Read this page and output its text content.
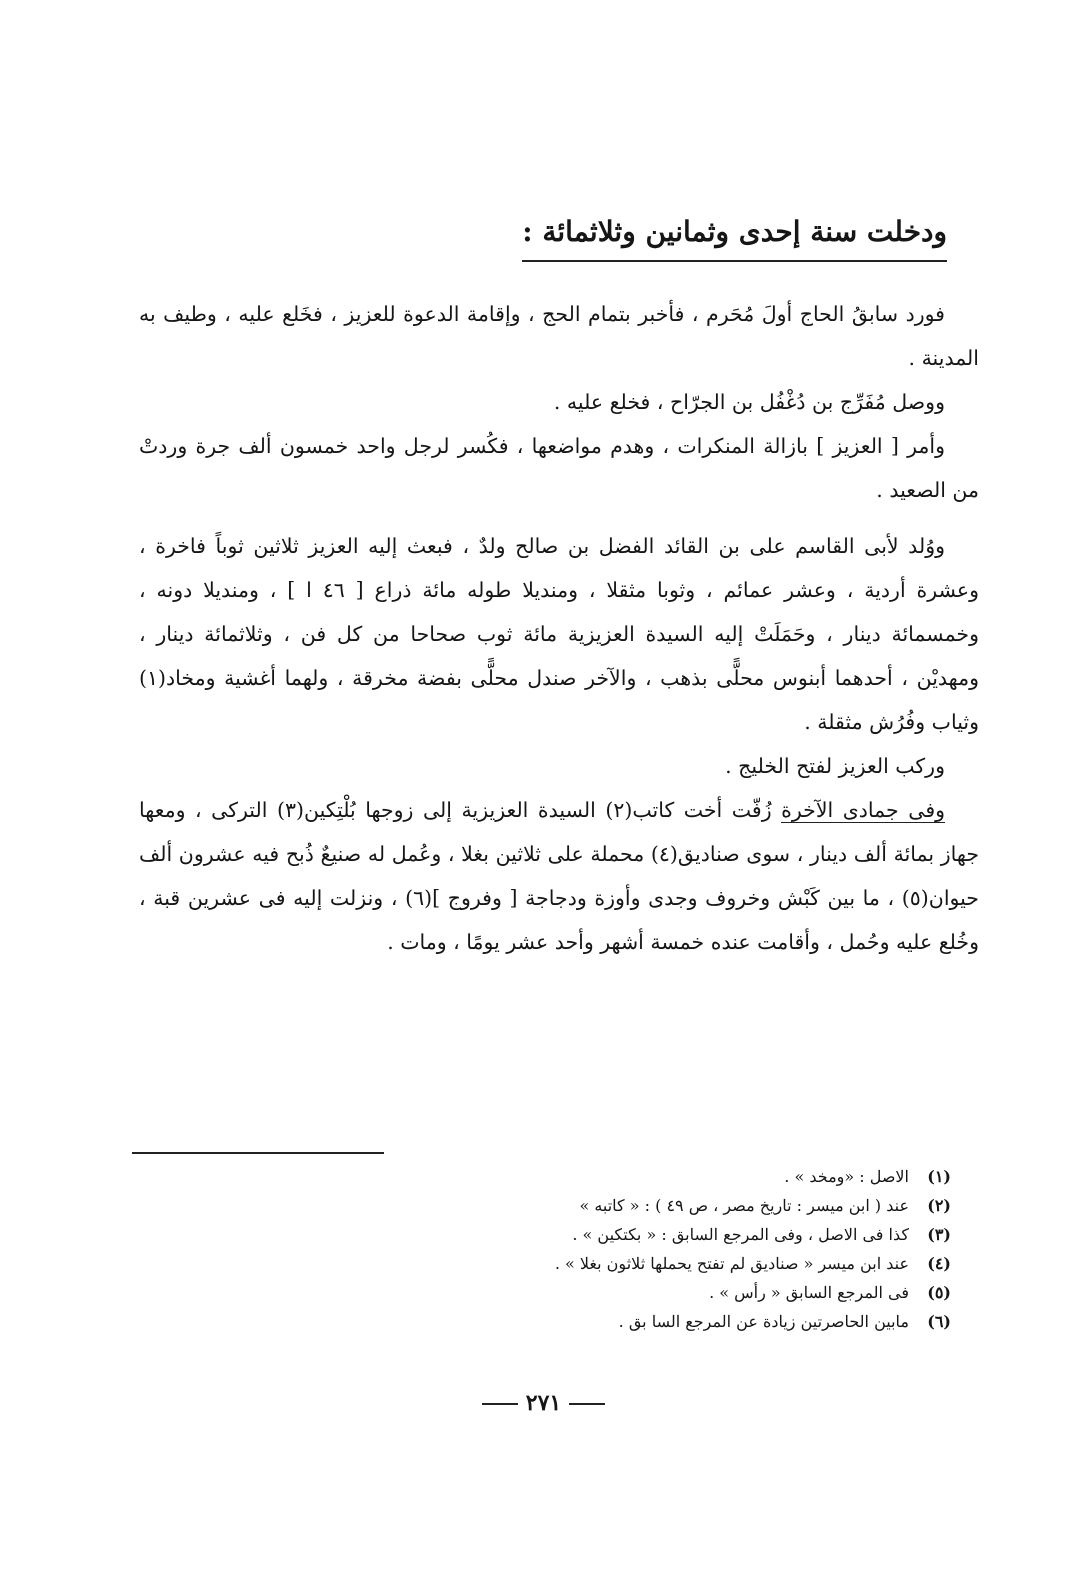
ودخلت سنة إحدى وثمانين وثلاثمائة :

فورد سابقُ الحاج أولَ مُحَرم ، فأخبر بتمام الحج ، وإقامة الدعوة للعزيز ، فخَلع عليه ، وطيف به المدينة .

ووصل مُفَرِّج بن دُغْفُل بن الجرّاح ، فخلع عليه .

وأمر [ العزيز ] بازالة المنكرات ، وهدم مواضعها ، فكُسر لرجل واحد خمسون ألف جرة وردتْ من الصعيد .

ووُلد لأبى القاسم على بن القائد الفضل بن صالح ولدٌ ، فبعث إليه العزيز ثلاثين ثوباً فاخرة ، وعشرة أردية ، وعشر عمائم ، وثوبا مثقلا ، ومنديلا طوله مائة ذراع [ ٤٦ ا ] ، ومنديلا دونه ، وخمسمائة دينار ، وحَمَلَتْ إليه السيدة العزيزية مائة ثوب صحاحا من كل فن ، وثلاثمائة دينار ، ومهديْن ، أحدهما أبنوس محلًّى بذهب ، والآخر صندل محلًّى بفضة مخرقة ، ولهما أغشية ومخاد(١) وثياب وفُرُش مثقلة .

وركب العزيز لفتح الخليج .

وفى جمادى الآخرة زُفّت أخت كاتب(٢) السيدة العزيزية إلى زوجها بُلْتِكين(٣) التركى ، ومعها جهاز بمائة ألف دينار ، سوى صناديق(٤) محملة على ثلاثين بغلا ، وعُمل له صنيعٌ ذُبح فيه عشرون ألف حيوان(٥) ، ما بين كَبْش وخروف وجدى وأوزة ودجاجة [ وفروج ](٦) ، ونزلت إليه فى عشرين قبة ، وخُلع عليه وحُمل ، وأقامت عنده خمسة أشهر وأحد عشر يومًا ، ومات .

(١)الاصل : «ومخد » .
(٢)عند ( ابن ميسر : تاريخ مصر ، ص ٤٩ ) : « كاتبه »
(٣)كذا فى الاصل ، وفى المرجع السابق : « بكتكين » .
(٤)عند ابن ميسر « صناديق لم تفتح يحملها ثلاثون بغلا » .
(٥)فى المرجع السابق « رأس » .
(٦)مابين الحاصرتين زيادة عن المرجع السا بق .
٢٧١
